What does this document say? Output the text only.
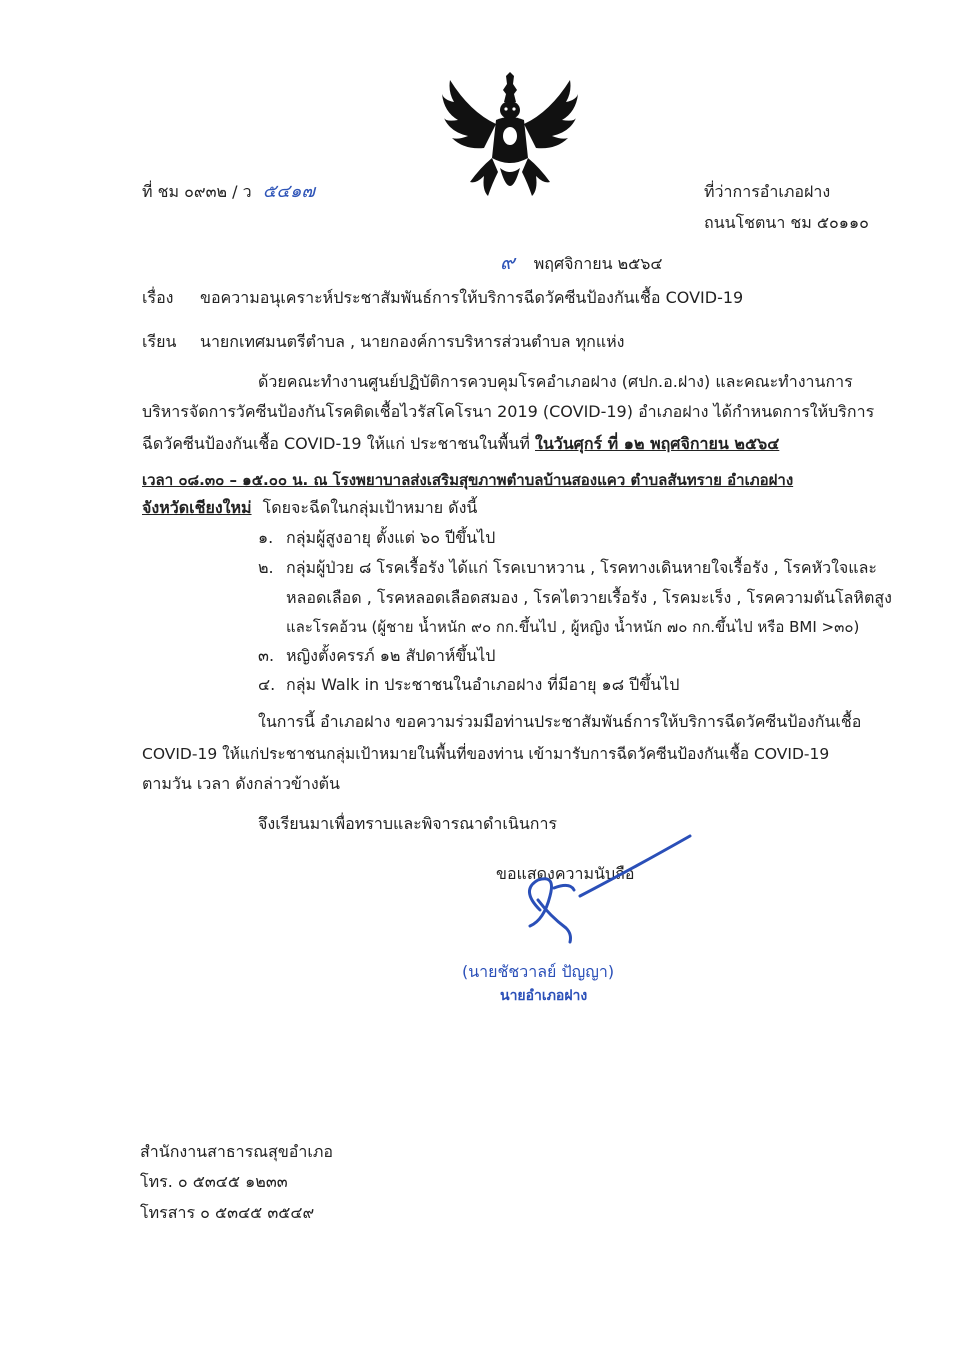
ที่ ชม ๐๙๓๒ / ว ๕๔๑๗	ที่ว่าการอำเภอฝาง
ถนนโชตนา ชม ๕๐๑๑๐
๙ พฤศจิกายน ๒๕๖๔
เรื่อง ขอความอนุเคราะห์ประชาสัมพันธ์การให้บริการฉีดวัคซีนป้องกันเชื้อ COVID-19
เรียน นายกเทศมนตรีตำบล , นายกองค์การบริหารส่วนตำบล ทุกแห่ง
ด้วยคณะทำงานศูนย์ปฏิบัติการควบคุมโรคอำเภอฝาง (ศปก.อ.ฝาง) และคณะทำงานการ
บริหารจัดการวัคซีนป้องกันโรคติดเชื้อไวรัสโคโรนา 2019 (COVID-19) อำเภอฝาง ได้กำหนดการให้บริการ
ฉีดวัคซีนป้องกันเชื้อ COVID-19 ให้แก่ ประชาชนในพื้นที่ ในวันศุกร์ ที่ ๑๒ พฤศจิกายน ๒๕๖๔
เวลา ๐๘.๓๐ – ๑๕.๐๐ น. ณ โรงพยาบาลส่งเสริมสุขภาพตำบลบ้านสองแคว ตำบลสันทราย อำเภอฝาง
จังหวัดเชียงใหม่ โดยจะฉีดในกลุ่มเป้าหมาย ดังนี้
๑. กลุ่มผู้สูงอายุ ตั้งแต่ ๖๐ ปีขึ้นไป
๒. กลุ่มผู้ป่วย ๘ โรคเรื้อรัง ได้แก่ โรคเบาหวาน , โรคทางเดินหายใจเรื้อรัง , โรคหัวใจและ
หลอดเลือด , โรคหลอดเลือดสมอง , โรคไตวายเรื้อรัง , โรคมะเร็ง , โรคความดันโลหิตสูง
และโรคอ้วน (ผู้ชาย น้ำหนัก ๙๐ กก.ขึ้นไป , ผู้หญิง น้ำหนัก ๗๐ กก.ขึ้นไป หรือ BMI >๓๐)
๓. หญิงตั้งครรภ์ ๑๒ สัปดาห์ขึ้นไป
๔. กลุ่ม Walk in ประชาชนในอำเภอฝาง ที่มีอายุ ๑๘ ปีขึ้นไป
ในการนี้ อำเภอฝาง ขอความร่วมมือท่านประชาสัมพันธ์การให้บริการฉีดวัคซีนป้องกันเชื้อ
COVID-19 ให้แก่ประชาชนกลุ่มเป้าหมายในพื้นที่ของท่าน เข้ามารับการฉีดวัคซีนป้องกันเชื้อ COVID-19
ตามวัน เวลา ดังกล่าวข้างต้น
จึงเรียนมาเพื่อทราบและพิจารณาดำเนินการ
ขอแสดงความนับถือ
(นายชัชวาลย์ ปัญญา)
นายอำเภอฝาง
สำนักงานสาธารณสุขอำเภอ
โทร. ๐ ๕๓๔๕ ๑๒๓๓
โทรสาร ๐ ๕๓๔๕ ๓๕๔๙
